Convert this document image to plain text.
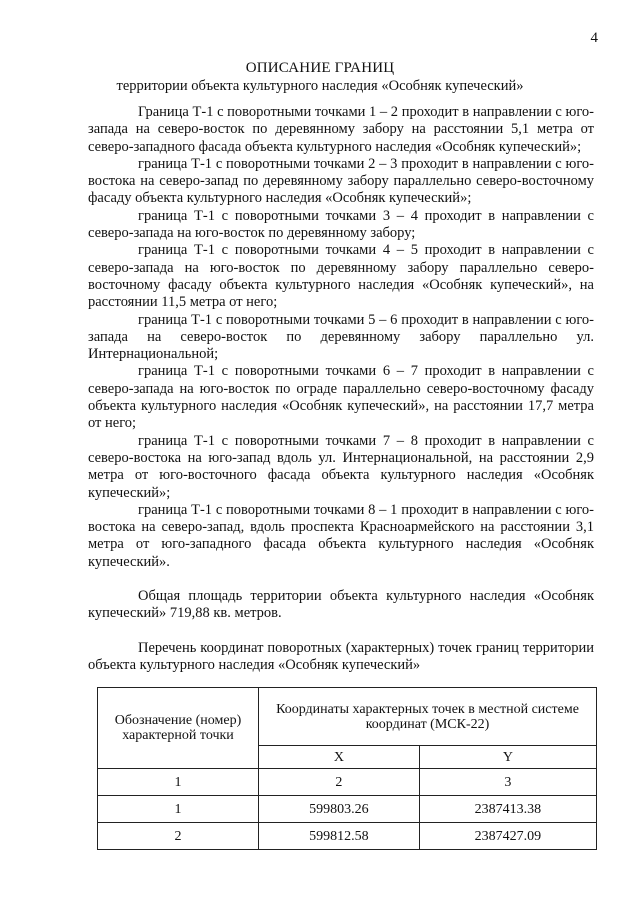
4
ОПИСАНИЕ ГРАНИЦ
территории объекта культурного наследия «Особняк купеческий»

Граница Т-1 с поворотными точками 1 – 2 проходит в направлении с юго-запада на северо-восток по деревянному забору на расстоянии 5,1 метра от северо-западного фасада объекта культурного наследия «Особняк купеческий»;

граница Т-1 с поворотными точками 2 – 3 проходит в направлении с юго-востока на северо-запад по деревянному забору параллельно северо-восточному фасаду объекта культурного наследия «Особняк купеческий»;

граница Т-1 с поворотными точками 3 – 4 проходит в направлении с северо-запада на юго-восток по деревянному забору;

граница Т-1 с поворотными точками 4 – 5 проходит в направлении с северо-запада на юго-восток по деревянному забору параллельно северо-восточному фасаду объекта культурного наследия «Особняк купеческий», на расстоянии 11,5 метра от него;

граница Т-1 с поворотными точками 5 – 6 проходит в направлении с юго-запада на северо-восток по деревянному забору параллельно ул. Интернациональной;

граница Т-1 с поворотными точками 6 – 7 проходит в направлении с северо-запада на юго-восток по ограде параллельно северо-восточному фасаду объекта культурного наследия «Особняк купеческий», на расстоянии 17,7 метра от него;

граница Т-1 с поворотными точками 7 – 8 проходит в направлении с северо-востока на юго-запад вдоль ул. Интернациональной, на расстоянии 2,9 метра от юго-восточного фасада объекта культурного наследия «Особняк купеческий»;

граница Т-1 с поворотными точками 8 – 1 проходит в направлении с юго-востока на северо-запад, вдоль проспекта Красноармейского на расстоянии 3,1 метра от юго-западного фасада объекта культурного наследия «Особняк купеческий».

Общая площадь территории объекта культурного наследия «Особняк купеческий» 719,88 кв. метров.

Перечень координат поворотных (характерных) точек границ территории объекта культурного наследия «Особняк купеческий»

Обозначение (номер) характерной точки	Координаты характерных точек в местной системе координат (МСК-22)	
	X	Y
1	2	3
1	599803.26	2387413.38
2	599812.58	2387427.09
